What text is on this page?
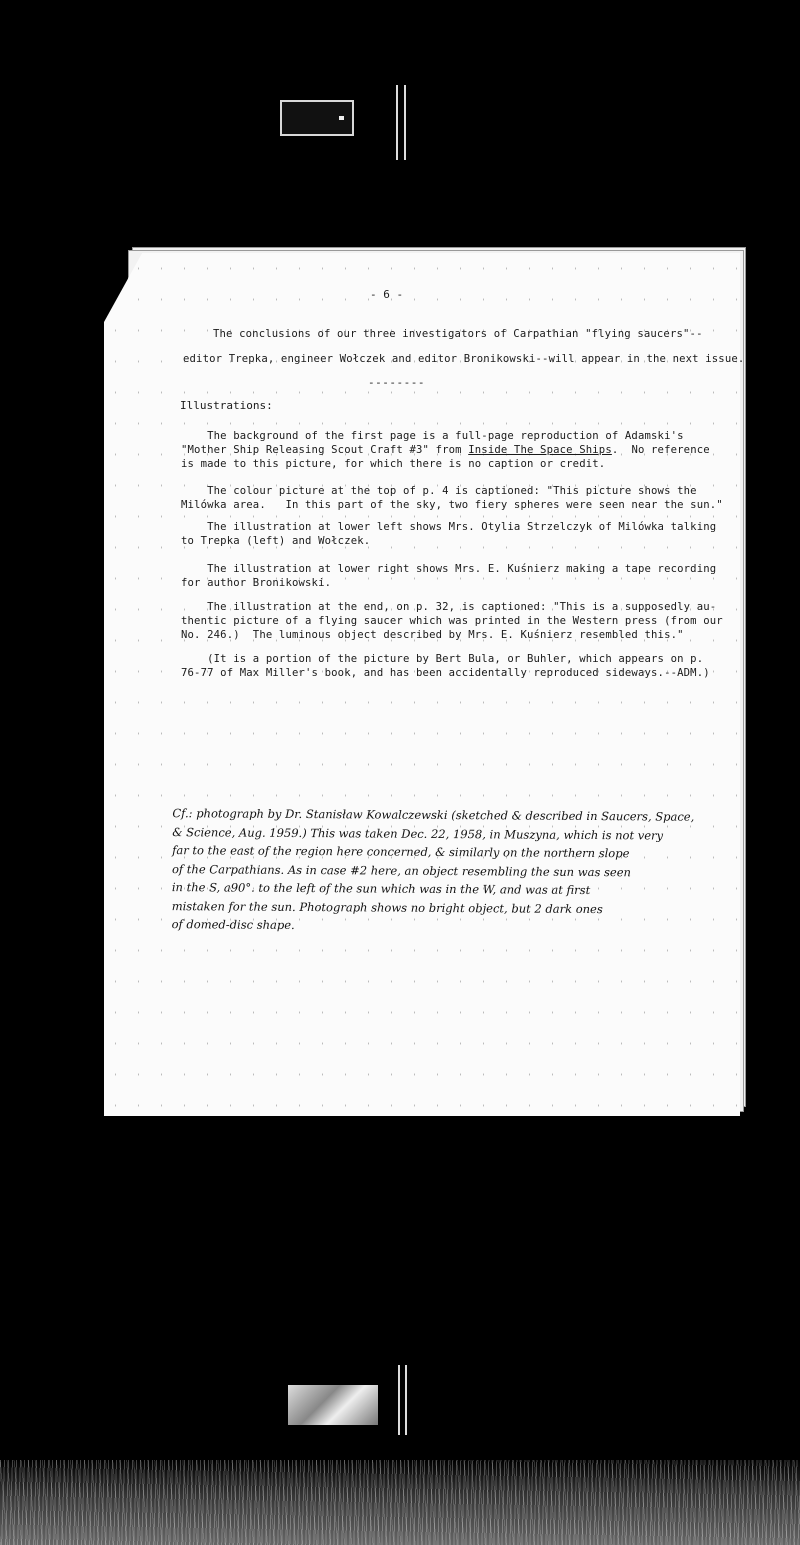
- 6 -
The conclusions of our three investigators of Carpathian "flying saucers"--
editor Trepka, engineer Wołczek and editor Bronikowski--will appear in the next issue.
--------
Illustrations:
The background of the first page is a full-page reproduction of Adamski's
"Mother Ship Releasing Scout Craft #3" from Inside The Space Ships.  No reference
is made to this picture, for which there is no caption or credit.
The colour picture at the top of p. 4 is captioned: "This picture shows the
Milówka area.   In this part of the sky, two fiery spheres were seen near the sun."
The illustration at lower left shows Mrs. Otylia Strzelczyk of Milówka talking
to Trepka (left) and Wołczek.
The illustration at lower right shows Mrs. E. Kuśnierz making a tape recording
for author Bronikowski.
The illustration at the end, on p. 32, is captioned: "This is a supposedly au-
thentic picture of a flying saucer which was printed in the Western press (from our
No. 246.)  The luminous object described by Mrs. E. Kuśnierz resembled this."
(It is a portion of the picture by Bert Bula, or Buhler, which appears on p.
76-77 of Max Miller's book, and has been accidentally reproduced sideways.--ADM.)
Cf.: photograph by Dr. Stanisław Kowalczewski (sketched & described in Saucers, Space,
& Science, Aug. 1959.) This was taken Dec. 22, 1958, in Muszyna, which is not very
far to the east of the region here concerned, & similarly on the northern slope
of the Carpathians. As in case #2 here, an object resembling the sun was seen
in the S, a90°. to the left of the sun which was in the W, and was at first
mistaken for the sun. Photograph shows no bright object, but 2 dark ones
of domed-disc shape.
